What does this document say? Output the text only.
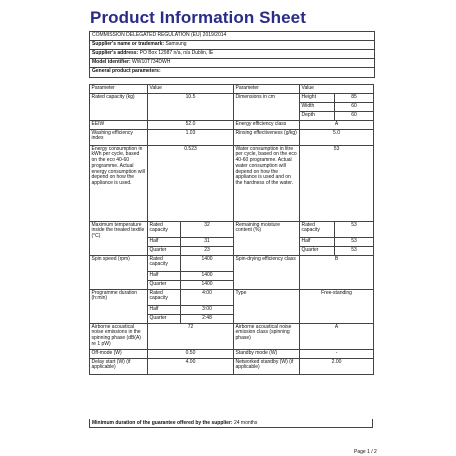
Product Information Sheet
COMMISSION DELEGATED REGULATION (EU) 2019/2014
Supplier's name or trademark: Samsung
Supplier's address: PO Box 12987 n/a, n/a Dublin, IE
Model identifier: WW10T734DWH
General product parameters:
Parameter	Value		Parameter	Value	
Rated capacity (kg)	10.5		Dimensions in cm	Height	85
				Width	60
				Depth	60
EEIW	52.0		Energy efficiency class	A	
Washing efficiency index	1.03		Rinsing effectiveness (g/kg)	5.0	
Energy consumption in kWh per cycle, based on the eco 40-60 programme. Actual energy consumption will depend on how the appliance is used.	0.523		Water consumption in litre per cycle, based on the eco 40-60 programme. Actual water consumption will depend on how the appliance is used and on the hardness of the water.	53	
Maximum temperature inside the treated textile (°C)	Rated capacity	32	Remaining moisture content (%)	Rated capacity	53
	Half	31		Half	53
	Quarter	23		Quarter	53
Spin speed (rpm)	Rated capacity	1400	Spin-drying efficiency class	B	
	Half	1400			
	Quarter	1400			
Programme duration (h:min)	Rated capacity	4:00	Type	Free-standing	
	Half	3:00			
	Quarter	2:48			
Airborne acoustical noise emissions in the spinning phase (dB(A) re 1 pW)	72		Airborne acoustical noise emission class (spinning phase)	A	
Off-mode (W)	0.50		Standby mode (W)	-	
Delay start (W) (if applicable)	4.00		Networked standby (W) (if applicable)	2.00	
Minimum duration of the guarantee offered by the supplier: 24 months
Page 1 / 2
